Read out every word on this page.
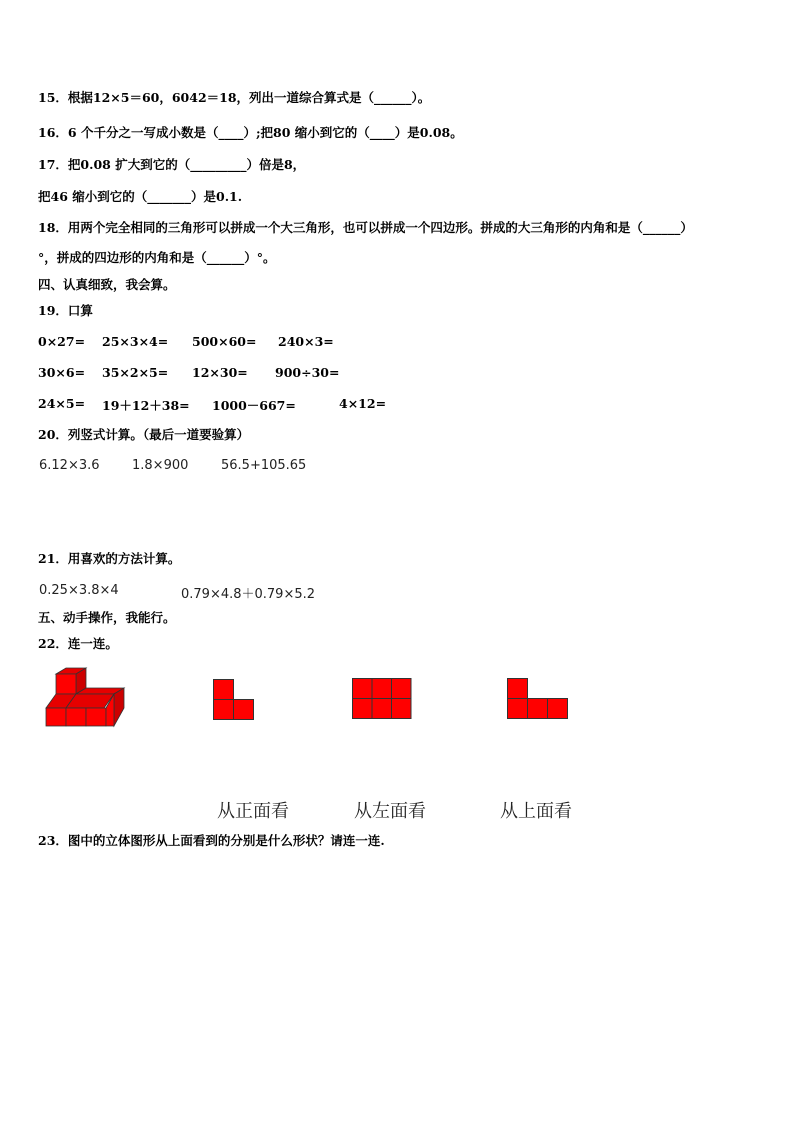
15．根据12×5＝60，6042＝18，列出一道综合算式是（______）。
16．6 个千分之一写成小数是（____）;把80 缩小到它的（____）是0.08。
17．把0.08 扩大到它的（_________）倍是8，
把46 缩小到它的（_______）是0.1.
18．用两个完全相同的三角形可以拼成一个大三角形，也可以拼成一个四边形。拼成的大三角形的内角和是（______）
°，拼成的四边形的内角和是（______）°。
四、认真细致，我会算。
19．口算
0×27= 25×3×4= 500×60= 240×3=
30×6= 35×2×5= 12×30= 900÷30=
24×5= 19＋12＋38= 1000－667=	4×12=
20．列竖式计算。（最后一道要验算）
6.12×3.6 1.8×900	56.5+105.65
21．用喜欢的方法计算。
0.25×3.8×4	0.79×4.8＋0.79×5.2
五、动手操作，我能行。
22．连一连。
从正面看	从左面看	从上面看
23．图中的立体图形从上面看到的分别是什么形状？请连一连.
